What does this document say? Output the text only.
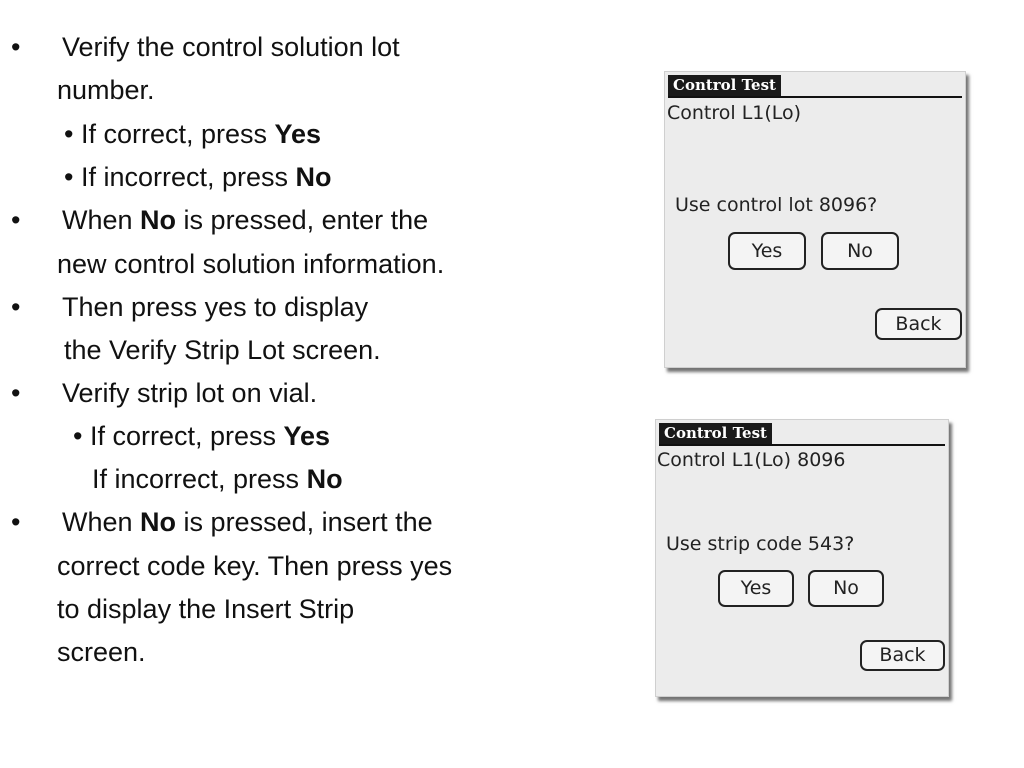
• Verify the control solution lot
number.
• If correct, press Yes
• If incorrect, press No
• When No is pressed, enter the
new control solution information.
• Then press yes to display
the Verify Strip Lot screen.
• Verify strip lot on vial.
• If correct, press Yes
If incorrect, press No
• When No is pressed, insert the
correct code key. Then press yes
to display the Insert Strip
screen.
Control Test
Control L1(Lo)
Use control lot 8096?
Yes	No
Back
Control Test
Control L1(Lo) 8096
Use strip code 543?
Yes	No
Back
